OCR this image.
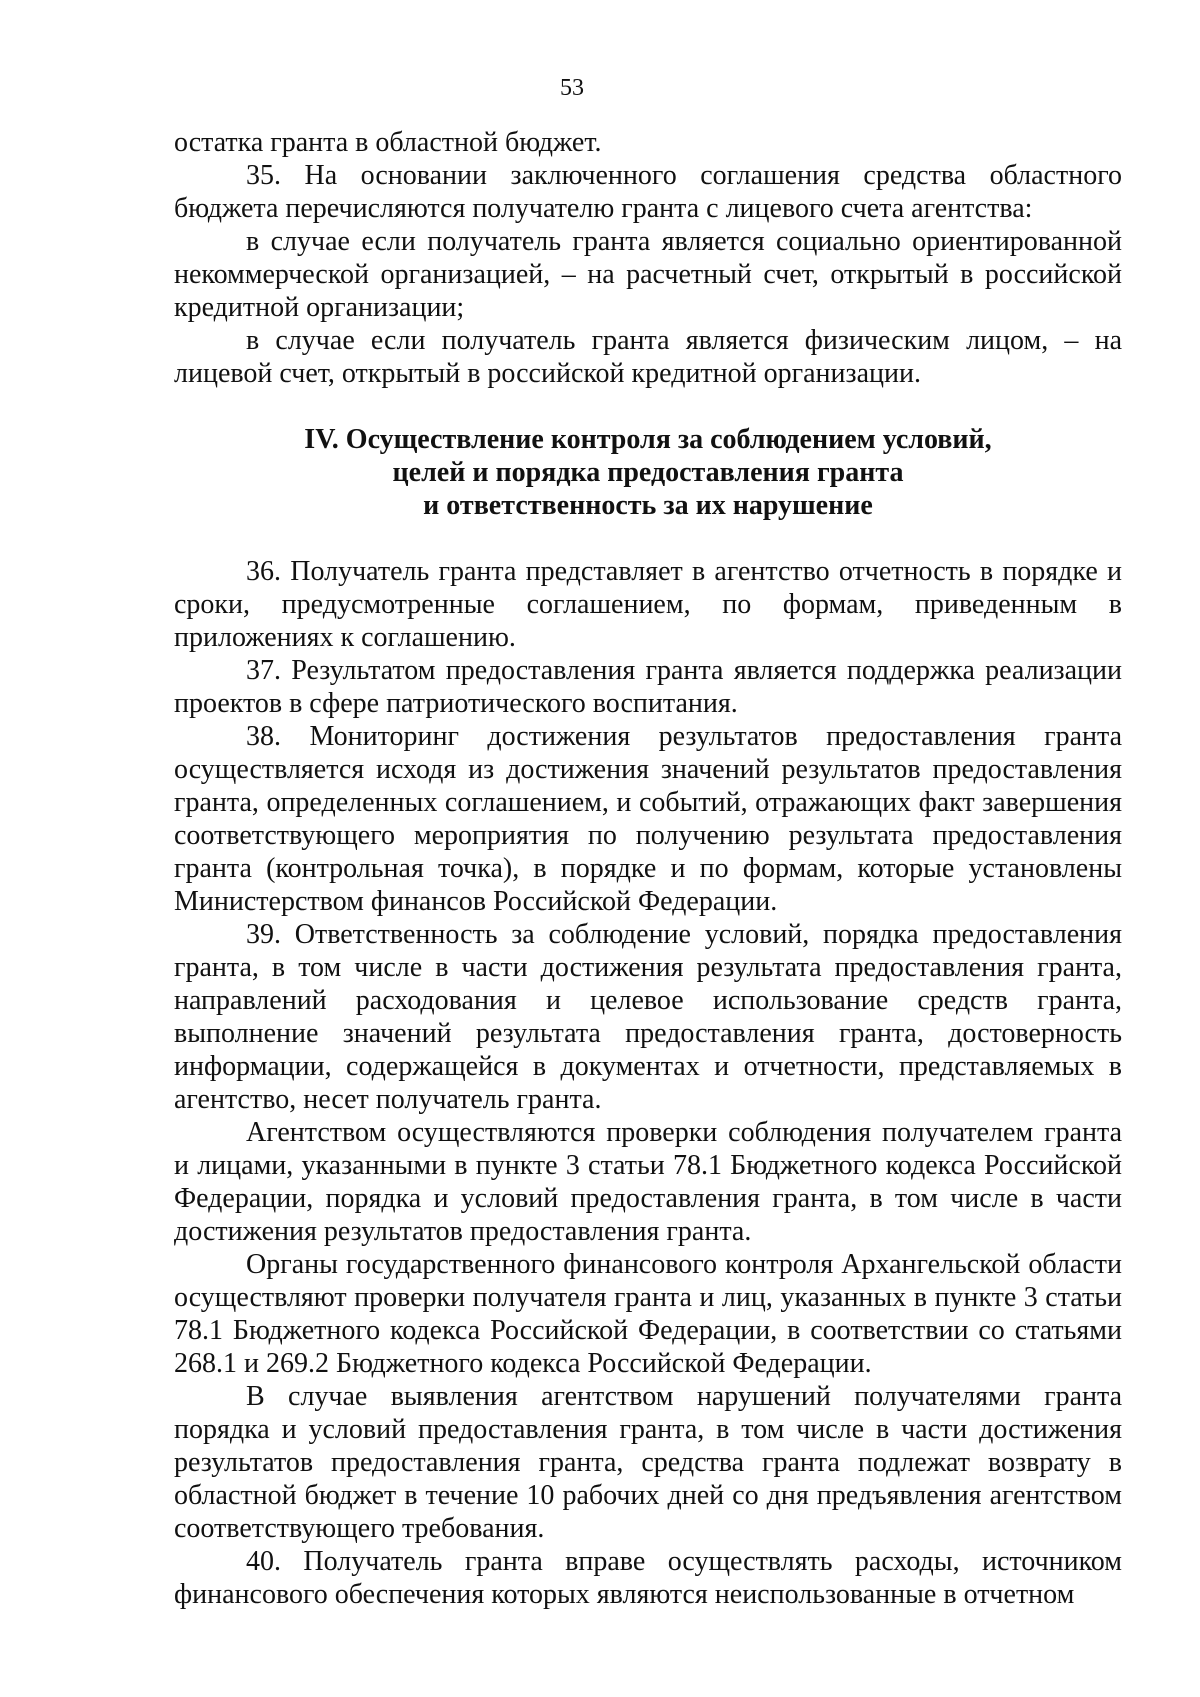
53

остатка гранта в областной бюджет.

35. На основании заключенного соглашения средства областного бюджета перечисляются получателю гранта с лицевого счета агентства:

в случае если получатель гранта является социально ориентированной некоммерческой организацией, – на расчетный счет, открытый в российской кредитной организации;

в случае если получатель гранта является физическим лицом, – на лицевой счет, открытый в российской кредитной организации.

IV. Осуществление контроля за соблюдением условий,
целей и порядка предоставления гранта
и ответственность за их нарушение

36. Получатель гранта представляет в агентство отчетность в порядке и сроки, предусмотренные соглашением, по формам, приведенным в приложениях к соглашению.

37. Результатом предоставления гранта является поддержка реализации проектов в сфере патриотического воспитания.

38. Мониторинг достижения результатов предоставления гранта осуществляется исходя из достижения значений результатов предоставления гранта, определенных соглашением, и событий, отражающих факт завершения соответствующего мероприятия по получению результата предоставления гранта (контрольная точка), в порядке и по формам, которые установлены Министерством финансов Российской Федерации.

39. Ответственность за соблюдение условий, порядка предоставления гранта, в том числе в части достижения результата предоставления гранта, направлений расходования и целевое использование средств гранта, выполнение значений результата предоставления гранта, достоверность информации, содержащейся в документах и отчетности, представляемых в агентство, несет получатель гранта.

Агентством осуществляются проверки соблюдения получателем гранта и лицами, указанными в пункте 3 статьи 78.1 Бюджетного кодекса Российской Федерации, порядка и условий предоставления гранта, в том числе в части достижения результатов предоставления гранта.

Органы государственного финансового контроля Архангельской области осуществляют проверки получателя гранта и лиц, указанных в пункте 3 статьи 78.1 Бюджетного кодекса Российской Федерации, в соответствии со статьями 268.1 и 269.2 Бюджетного кодекса Российской Федерации.

В случае выявления агентством нарушений получателями гранта порядка и условий предоставления гранта, в том числе в части достижения результатов предоставления гранта, средства гранта подлежат возврату в областной бюджет в течение 10 рабочих дней со дня предъявления агентством соответствующего требования.

40. Получатель гранта вправе осуществлять расходы, источником финансового обеспечения которых являются неиспользованные в отчетном
